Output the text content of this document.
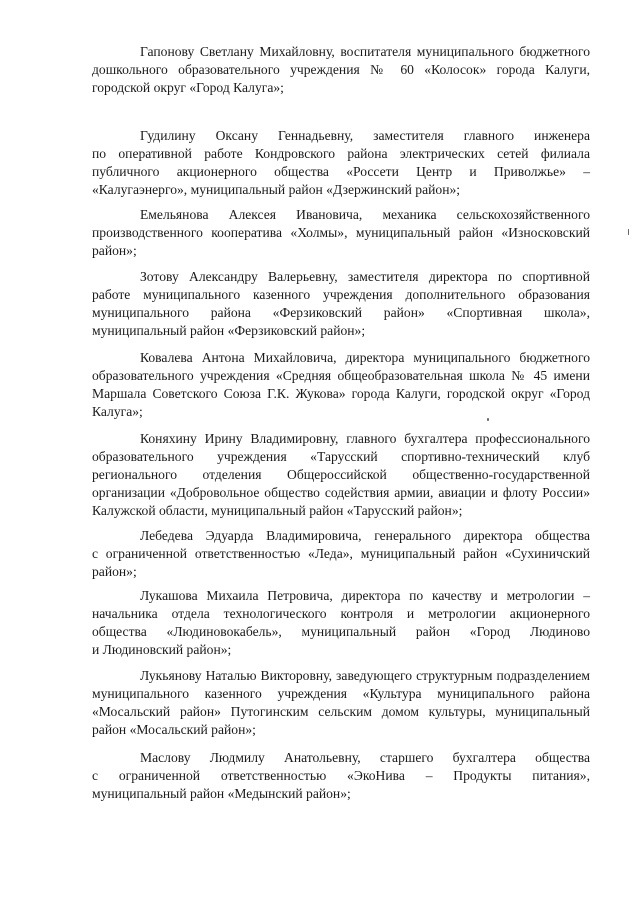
Гапонову Светлану Михайловну, воспитателя муниципального бюджетного
дошкольного образовательного учреждения № 60 «Колосок» города Калуги,
городской округ «Город Калуга»;
Гудилину Оксану Геннадьевну, заместителя главного инженера
по оперативной работе Кондровского района электрических сетей филиала
публичного акционерного общества «Россети Центр и Приволжье» –
«Калугаэнерго», муниципальный район «Дзержинский район»;
Емельянова Алексея Ивановича, механика сельскохозяйственного
производственного кооператива «Холмы», муниципальный район «Износковский
район»;
Зотову Александру Валерьевну, заместителя директора по спортивной
работе муниципального казенного учреждения дополнительного образования
муниципального района «Ферзиковский район» «Спортивная школа»,
муниципальный район «Ферзиковский район»;
Ковалева Антона Михайловича, директора муниципального бюджетного
образовательного учреждения «Средняя общеобразовательная школа № 45 имени
Маршала Советского Союза Г.К. Жукова» города Калуги, городской округ «Город
Калуга»;
Коняхину Ирину Владимировну, главного бухгалтера профессионального
образовательного учреждения «Тарусский спортивно-технический клуб
регионального отделения Общероссийской общественно-государственной
организации «Добровольное общество содействия армии, авиации и флоту России»
Калужской области, муниципальный район «Тарусский район»;
Лебедева Эдуарда Владимировича, генерального директора общества
с ограниченной ответственностью «Леда», муниципальный район «Сухиничский
район»;
Лукашова Михаила Петровича, директора по качеству и метрологии –
начальника отдела технологического контроля и метрологии акционерного
общества «Людиновокабель», муниципальный район «Город Людиново
и Людиновский район»;
Лукьянову Наталью Викторовну, заведующего структурным подразделением
муниципального казенного учреждения «Культура муниципального района
«Мосальский район» Путогинским сельским домом культуры, муниципальный
район «Мосальский район»;
Маслову Людмилу Анатольевну, старшего бухгалтера общества
с ограниченной ответственностью «ЭкоНива – Продукты питания»,
муниципальный район «Медынский район»;
